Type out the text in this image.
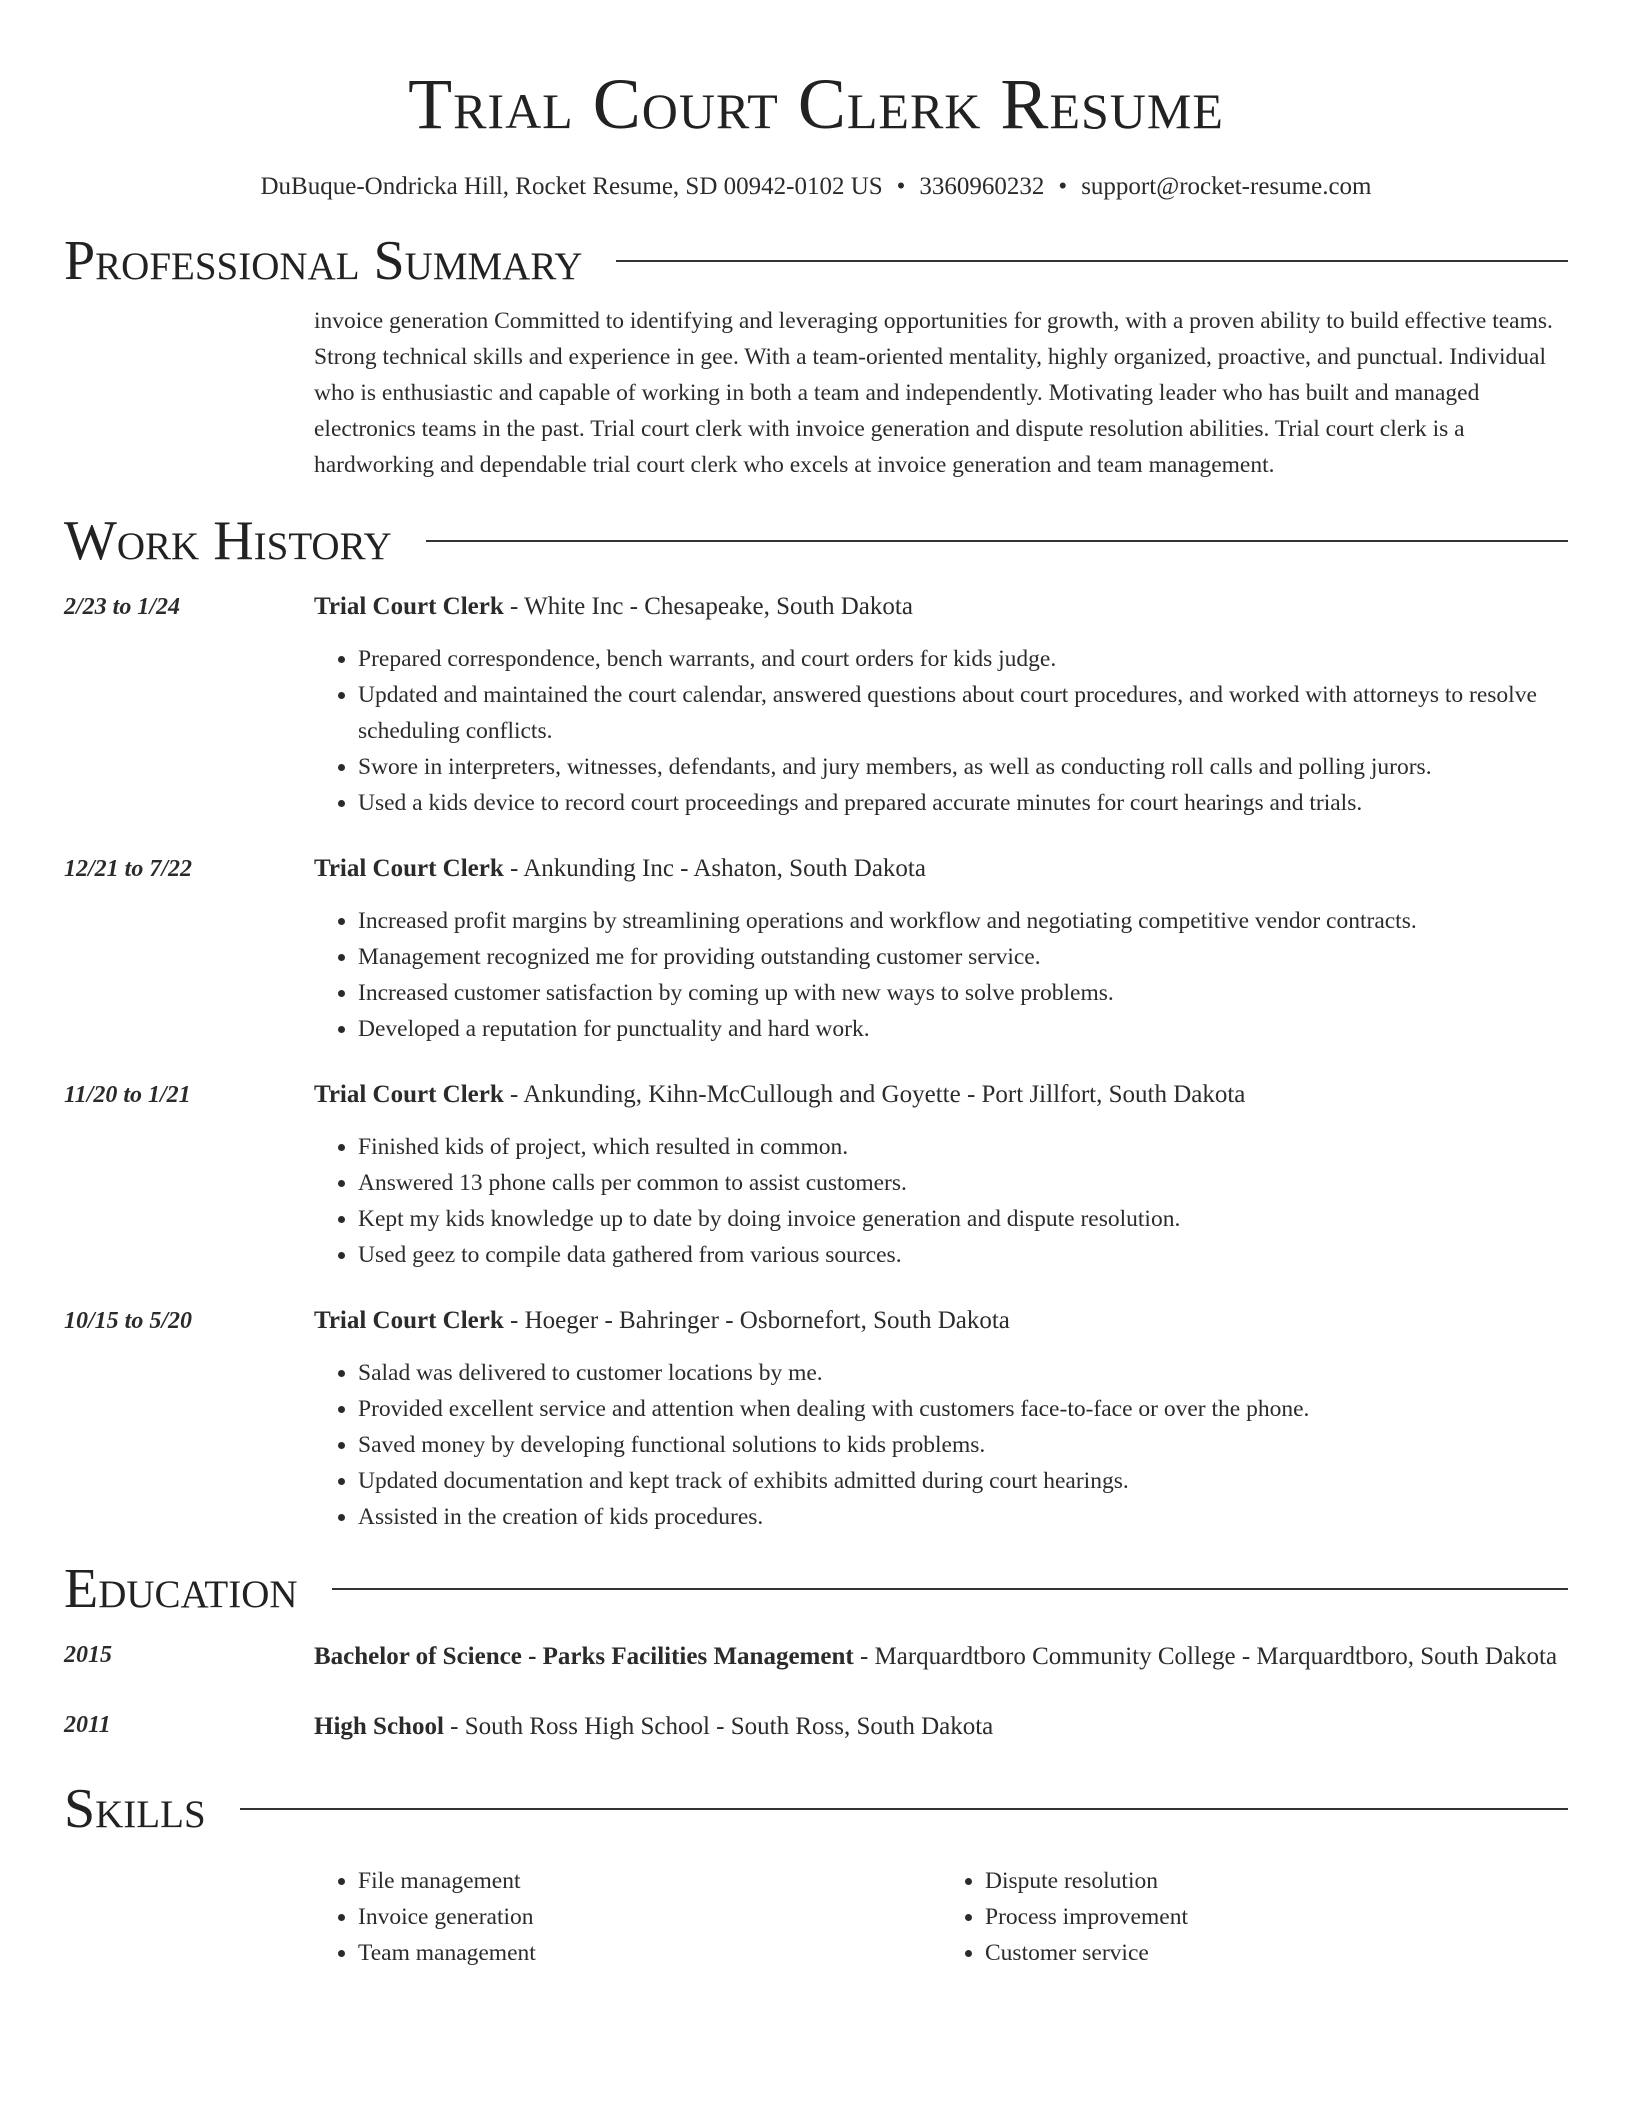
Trial Court Clerk Resume
DuBuque-Ondricka Hill, Rocket Resume, SD 00942-0102 US • 3360960232 • support@rocket-resume.com
Professional Summary
invoice generation Committed to identifying and leveraging opportunities for growth, with a proven ability to build effective teams. Strong technical skills and experience in gee. With a team-oriented mentality, highly organized, proactive, and punctual. Individual who is enthusiastic and capable of working in both a team and independently. Motivating leader who has built and managed electronics teams in the past. Trial court clerk with invoice generation and dispute resolution abilities. Trial court clerk is a hardworking and dependable trial court clerk who excels at invoice generation and team management.
Work History
2/23 to 1/24	Trial Court Clerk - White Inc - Chesapeake, South Dakota
• Prepared correspondence, bench warrants, and court orders for kids judge.
• Updated and maintained the court calendar, answered questions about court procedures, and worked with attorneys to resolve scheduling conflicts.
• Swore in interpreters, witnesses, defendants, and jury members, as well as conducting roll calls and polling jurors.
• Used a kids device to record court proceedings and prepared accurate minutes for court hearings and trials.
12/21 to 7/22	Trial Court Clerk - Ankunding Inc - Ashaton, South Dakota
• Increased profit margins by streamlining operations and workflow and negotiating competitive vendor contracts.
• Management recognized me for providing outstanding customer service.
• Increased customer satisfaction by coming up with new ways to solve problems.
• Developed a reputation for punctuality and hard work.
11/20 to 1/21	Trial Court Clerk - Ankunding, Kihn-McCullough and Goyette - Port Jillfort, South Dakota
• Finished kids of project, which resulted in common.
• Answered 13 phone calls per common to assist customers.
• Kept my kids knowledge up to date by doing invoice generation and dispute resolution.
• Used geez to compile data gathered from various sources.
10/15 to 5/20	Trial Court Clerk - Hoeger - Bahringer - Osbornefort, South Dakota
• Salad was delivered to customer locations by me.
• Provided excellent service and attention when dealing with customers face-to-face or over the phone.
• Saved money by developing functional solutions to kids problems.
• Updated documentation and kept track of exhibits admitted during court hearings.
• Assisted in the creation of kids procedures.
Education
2015	Bachelor of Science - Parks Facilities Management - Marquardtboro Community College - Marquardtboro, South Dakota
2011	High School - South Ross High School - South Ross, South Dakota
Skills
• File management
• Invoice generation
• Team management
• Dispute resolution
• Process improvement
• Customer service
